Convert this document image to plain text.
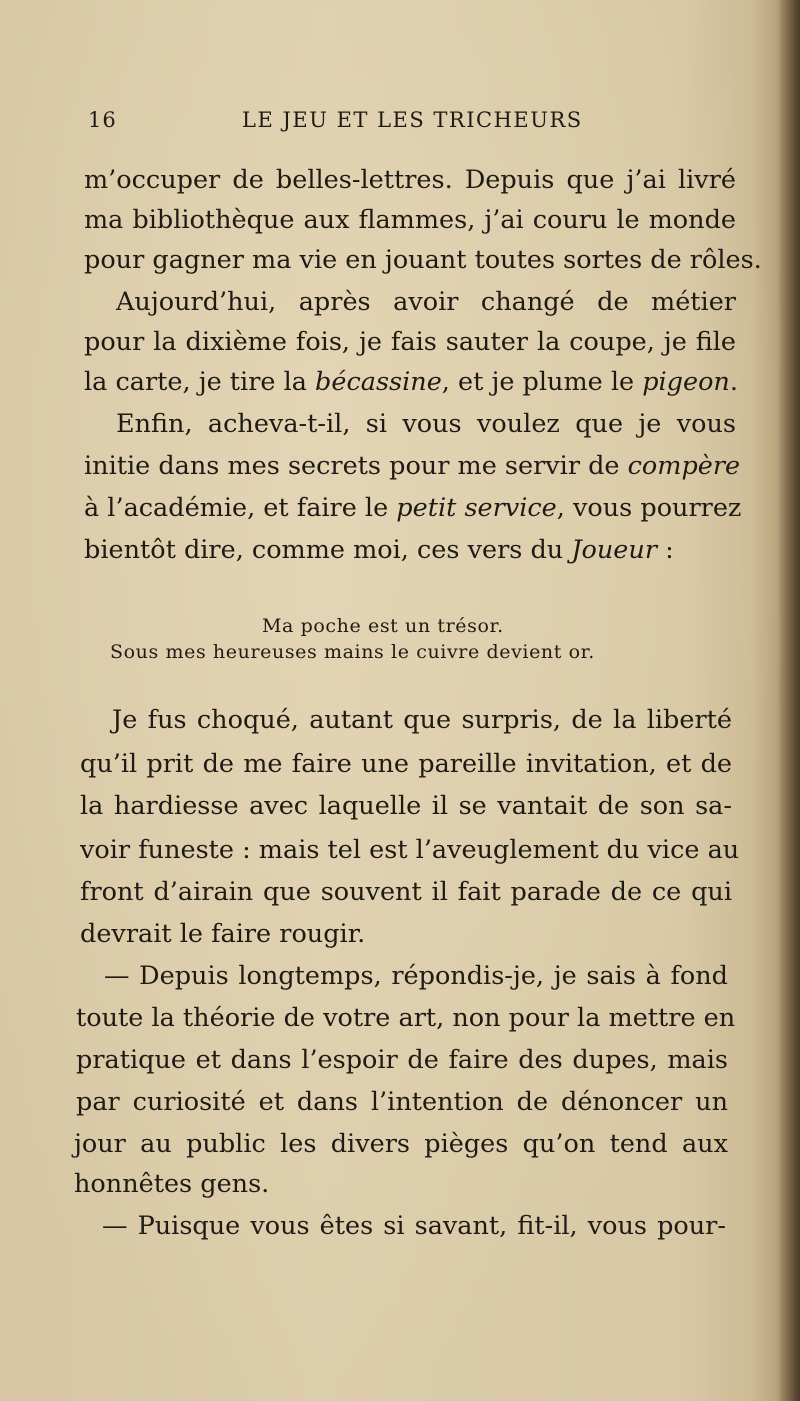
16	LE JEU ET LES TRICHEURS
m’occuper de belles-lettres. Depuis que j’ai livré
ma bibliothèque aux flammes, j’ai couru le monde
pour gagner ma vie en jouant toutes sortes de rôles.
Aujourd’hui, après avoir changé de métier
pour la dixième fois, je fais sauter la coupe, je file
la carte, je tire la bécassine, et je plume le pigeon.
Enfin, acheva-t-il, si vous voulez que je vous
initie dans mes secrets pour me servir de compère
à l’académie, et faire le petit service, vous pourrez
bientôt dire, comme moi, ces vers du Joueur :
Ma poche est un trésor.
Sous mes heureuses mains le cuivre devient or.
Je fus choqué, autant que surpris, de la liberté
qu’il prit de me faire une pareille invitation, et de
la hardiesse avec laquelle il se vantait de son sa-
voir funeste : mais tel est l’aveuglement du vice au
front d’airain que souvent il fait parade de ce qui
devrait le faire rougir.
— Depuis longtemps, répondis-je, je sais à fond
toute la théorie de votre art, non pour la mettre en
pratique et dans l’espoir de faire des dupes, mais
par curiosité et dans l’intention de dénoncer un
jour au public les divers pièges qu’on tend aux
honnêtes gens.
— Puisque vous êtes si savant, fit-il, vous pour-
